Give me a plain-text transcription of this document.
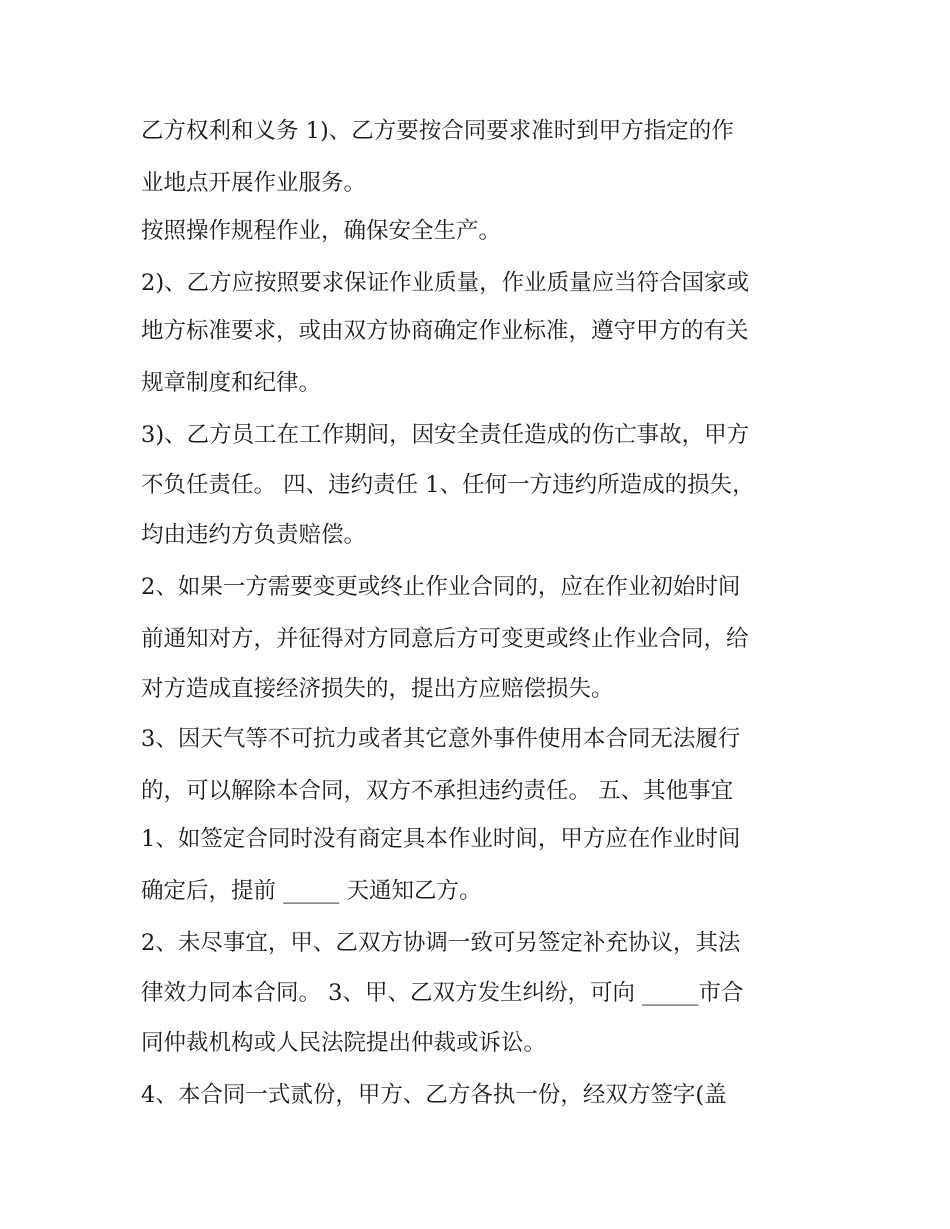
乙方权利和义务 1)、乙方要按合同要求准时到甲方指定的作

业地点开展作业服务。

按照操作规程作业，确保安全生产。

2)、乙方应按照要求保证作业质量，作业质量应当符合国家或

地方标准要求，或由双方协商确定作业标准，遵守甲方的有关

规章制度和纪律。

3)、乙方员工在工作期间，因安全责任造成的伤亡事故，甲方

不负任责任。 四、违约责任 1、任何一方违约所造成的损失，

均由违约方负责赔偿。

2、如果一方需要变更或终止作业合同的，应在作业初始时间

前通知对方，并征得对方同意后方可变更或终止作业合同，给

对方造成直接经济损失的，提出方应赔偿损失。

3、因天气等不可抗力或者其它意外事件使用本合同无法履行

的，可以解除本合同，双方不承担违约责任。 五、其他事宜

1、如签定合同时没有商定具本作业时间，甲方应在作业时间

确定后，提前 _____ 天通知乙方。

2、未尽事宜，甲、乙双方协调一致可另签定补充协议，其法

律效力同本合同。 3、甲、乙双方发生纠纷，可向 _____市合

同仲裁机构或人民法院提出仲裁或诉讼。

4、本合同一式贰份，甲方、乙方各执一份，经双方签字(盖
